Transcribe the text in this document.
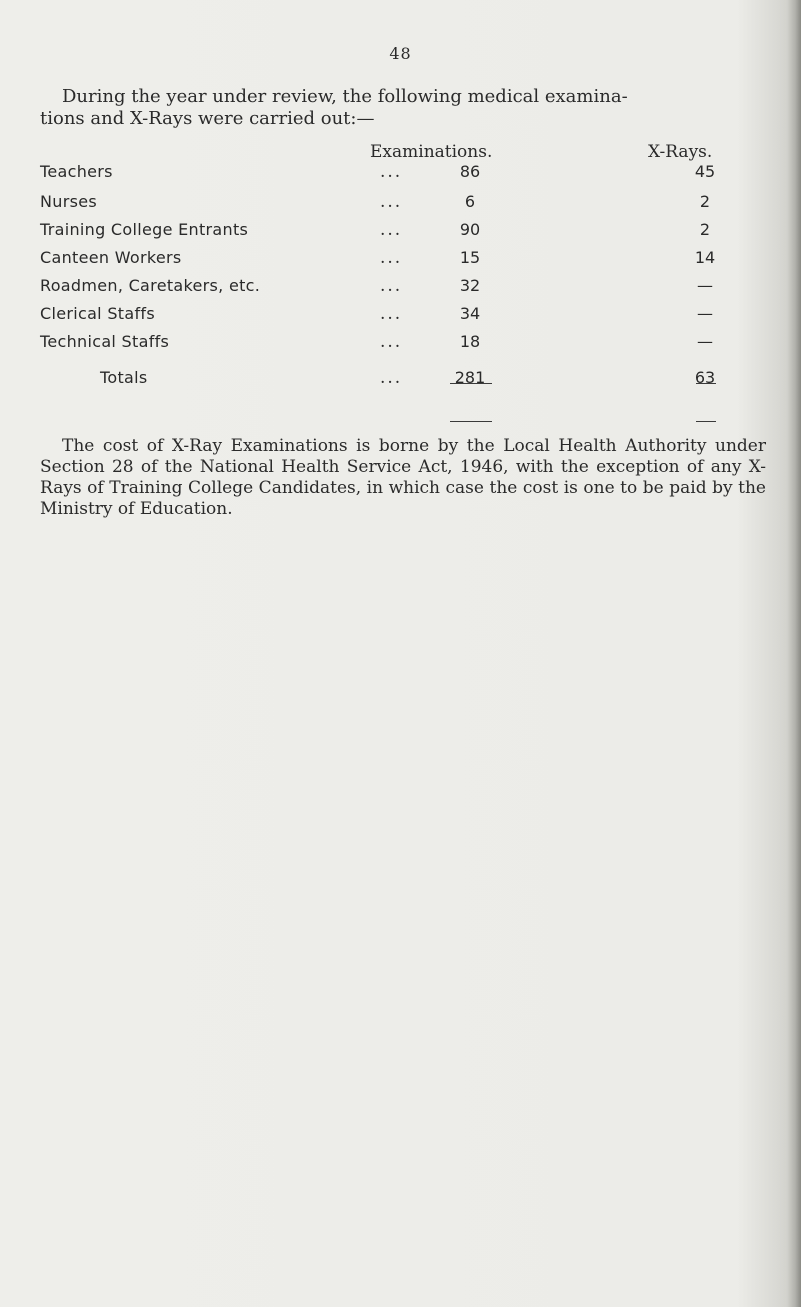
48
During the year under review, the following medical examina-
tions and X-Rays were carried out:—
Examinations.	X-Rays.
Teachers	...	86	45
Nurses	...	6	2
Training College Entrants	...	90	2
Canteen Workers	...	15	14
Roadmen, Caretakers, etc.	...	32	—
Clerical Staffs	...	34	—
Technical Staffs	...	18	—
Totals	...	281	63
The cost of X-Ray Examinations is borne by the Local Health Authority under Section 28 of the National Health Service Act, 1946, with the exception of any X-Rays of Training College Candidates, in which case the cost is one to be paid by the Ministry of Education.
